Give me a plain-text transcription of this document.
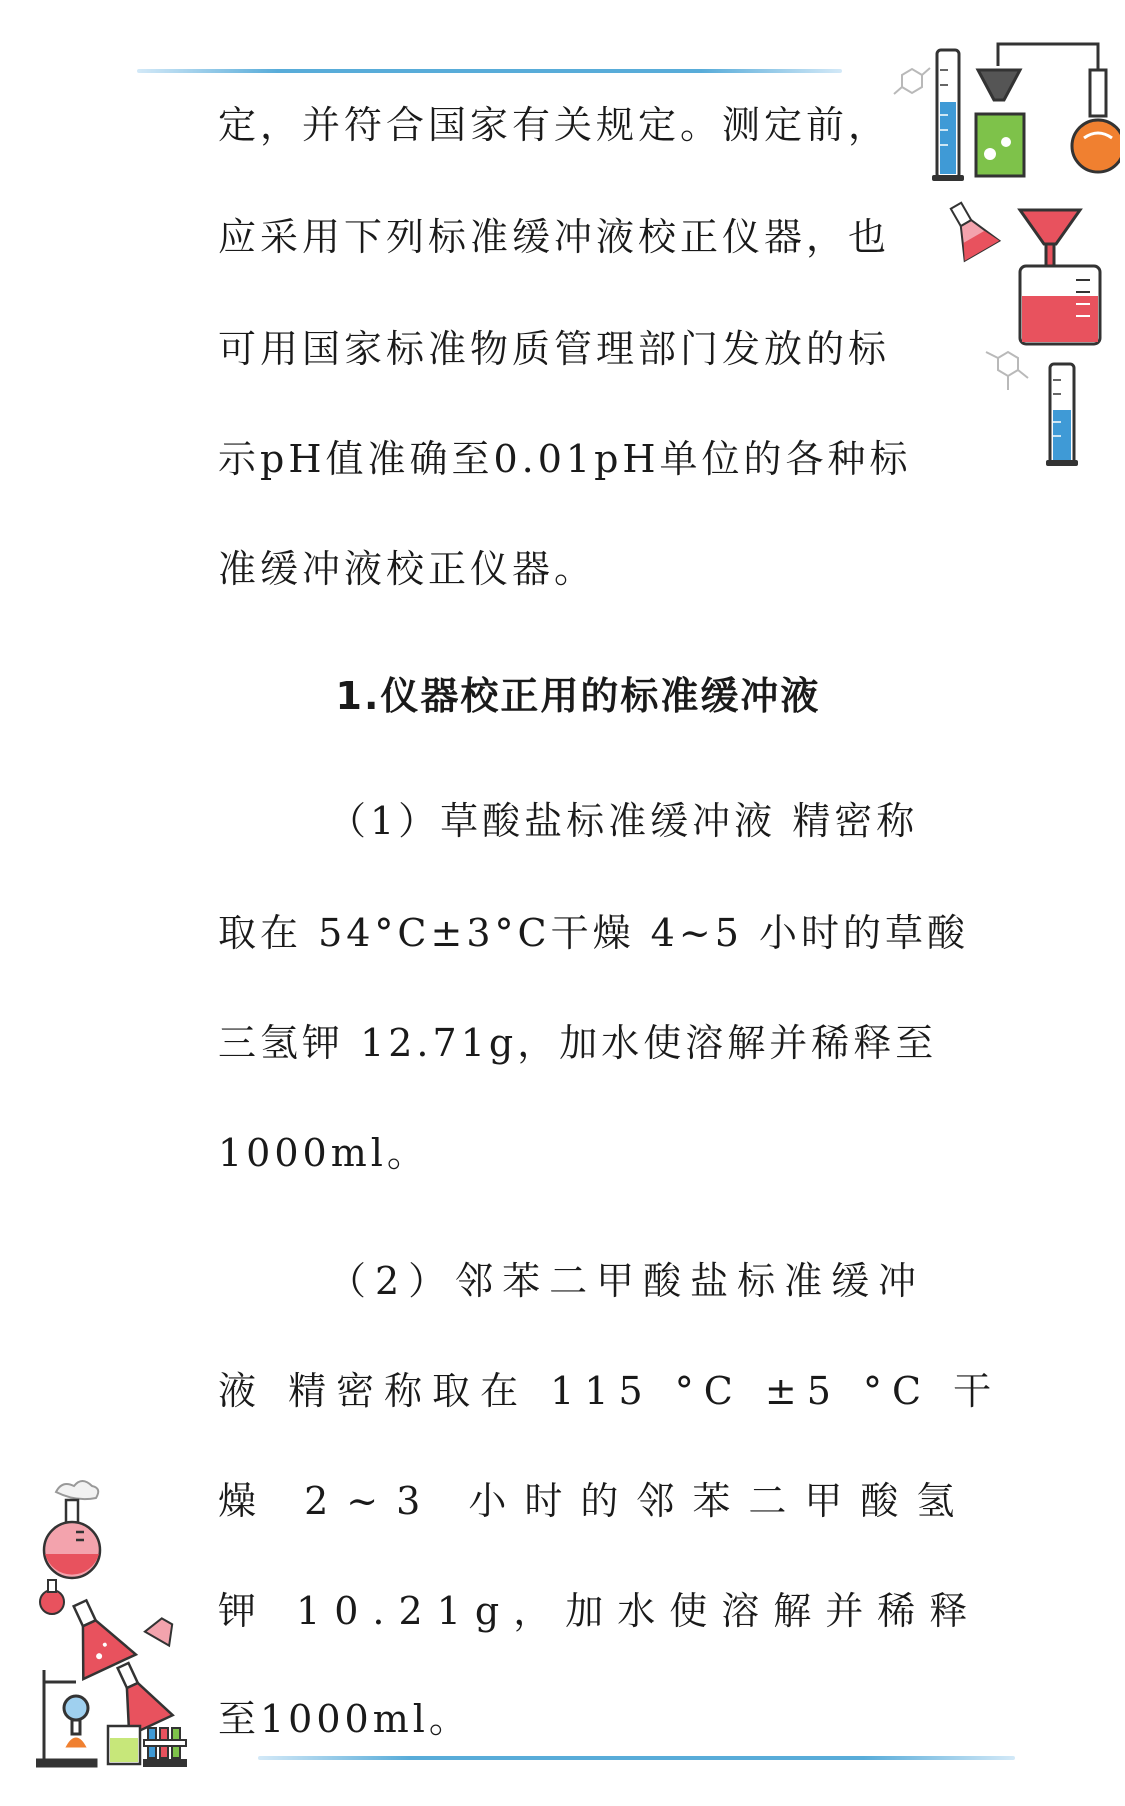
定，并符合国家有关规定。测定前，
应采用下列标准缓冲液校正仪器，也
可用国家标准物质管理部门发放的标
示pH值准确至0.01pH单位的各种标
准缓冲液校正仪器。
1.仪器校正用的标准缓冲液
（1）草酸盐标准缓冲液 精密称
取在 54°C±3°C干燥 4~5 小时的草酸
三氢钾 12.71g，加水使溶解并稀释至
1000ml。
（2）邻苯二甲酸盐标准缓冲
液 精密称取在 115 °C ±5 °C 干
燥 2~3 小时的邻苯二甲酸氢
钾 10.21g，加水使溶解并稀释
至1000ml。
